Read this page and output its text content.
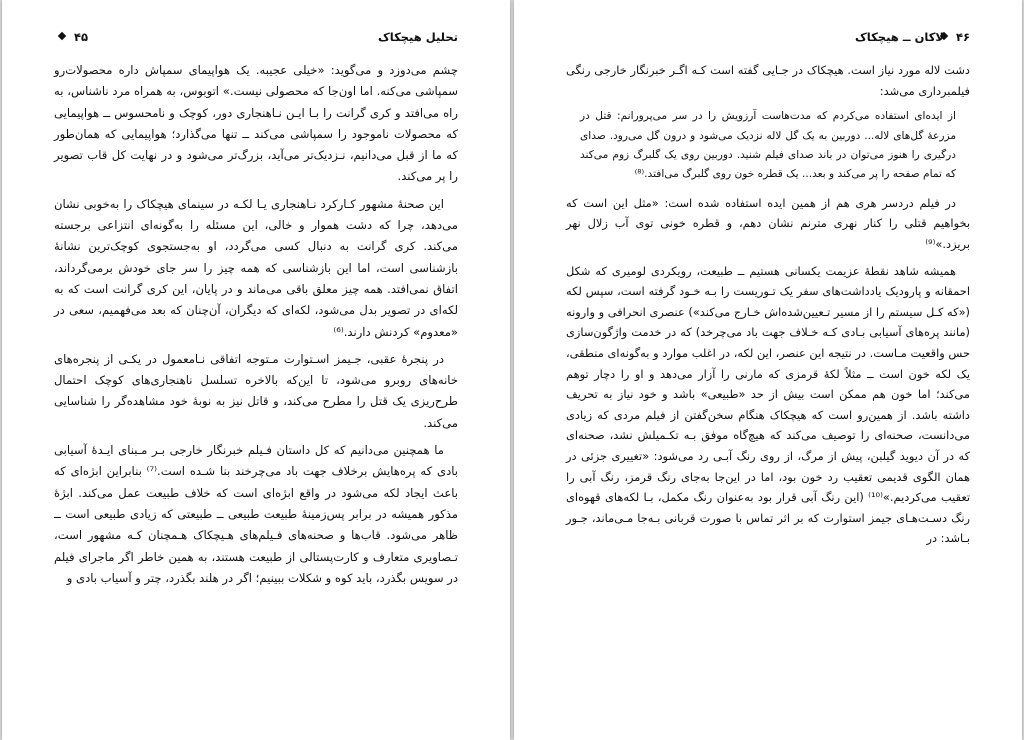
۴۵	تحلیل هیچکاک

چشم می‌دوزد و می‌گوید: «خیلی عجیبه. یک هواپیمای سمپاش داره محصولات‌رو سمپاشی می‌کنه. اما اون‌جا که محصولی نیست.» اتوبوس، به همراه مرد ناشناس، به راه می‌افتد و کری گرانت را بـا ایـن نـاهنجاری دور، کوچک و نامحسوس ــ هواپیمایی که محصولات ناموجود را سمپاشی می‌کند ــ تنها می‌گذارد؛ هواپیمایی که همان‌طور که ما از قبل می‌دانیم، نـزدیک‌تر می‌آید، بزرگ‌تر می‌شود و در نهایت کل قاب تصویر را پر می‌کند.

این صحنهٔ مشهور کـارکرد نـاهنجاری یـا لکـه در سینمای هیچکاک را به‌خوبی نشان می‌دهد، چرا که دشت هموار و خالی، این مسئله را به‌گونه‌ای انتزاعی برجسته می‌کند. کری گرانت به دنبال کسی می‌گردد، او به‌جستجوی کوچک‌ترین نشانهٔ بازشناسی است، اما این بازشناسی که همه چیز را سر جای خودش برمی‌گرداند، اتفاق نمی‌افتد. همه چیز معلق باقی می‌ماند و در پایان، این کری گرانت است که به لکه‌ای در تصویر بدل می‌شود، لکه‌ای که دیگران، آن‌چنان که بعد می‌فهمیم، سعی در «معدوم» کردنش دارند.⁽⁶⁾

در پنجرهٔ عقبی، جـیمز اسـتوارت مـتوجه اتفاقی نـامعمول در یکـی از پنجره‌های خانه‌های روبرو می‌شود، تا این‌که بالاخره تسلسل ناهنجاری‌های کوچک احتمال طرح‌ریزی یک قتل را مطرح می‌کند، و قاتل نیز به نوبهٔ خود مشاهده‌گر را شناسایی می‌کند.

ما همچنین می‌دانیم که کل داستان فـیلم خبرنگار خارجی بـر مـبنای ایـدهٔ آسیابی بادی که پره‌هایش برخلاف جهت باد می‌چرخند بنا شـده است.⁽⁷⁾ بنابراین ابژه‌ای که باعث ایجاد لکه می‌شود در واقع ابژه‌ای است که خلاف طبیعت عمل می‌کند. ابژهٔ مذکور همیشه در برابر پس‌زمینهٔ طبیعت طبیعی ــ طبیعتی که زیادی طبیعی است ــ ظاهر می‌شود. قاب‌ها و صحنه‌های فـیلم‌های هـیچکاک هـمچنان کـه مشهور است، تـصاویری متعارف و کارت‌پستالی از طبیعت هستند، به همین خاطر اگر ماجرای فیلم در سویس بگذرد، باید کوه و شکلات ببینیم؛ اگر در هلند بگذرد، چتر و آسیاب بادی و

۴۶
لاکان ــ هیچکاک

دشت لاله مورد نیاز است. هیچکاک در جـایی گفته است کـه اگـر خبرنگار خارجی رنگی فیلمبرداری می‌شد:

از ایده‌ای استفاده می‌کردم که مدت‌هاست آرزویش را در سر می‌پرورانم: قتل در مزرعهٔ گل‌های لاله... دوربین به یک گل لاله نزدیک می‌شود و درون گل می‌رود. صدای درگیری را هنوز می‌توان در باند صدای فیلم شنید. دوربین روی یک گلبرگ زوم می‌کند که تمام صفحه را پر می‌کند و بعد... یک قطره خون روی گلبرگ می‌افتد.⁽⁸⁾

در فیلم دردسر هری هم از همین ایده استفاده شده است: «مثل این است که بخواهیم قتلی را کنار نهری مترنم نشان دهم، و قطره خونی توی آب زلال نهر بریزد.»⁽⁹⁾

همیشه شاهد نقطهٔ عزیمت یکسانی هستیم ــ طبیعت، رویکردی لومیری که شکل احمقانه و پاروديک یادداشت‌های سفر یک تـوریست را بـه خـود گرفته است، سپس لکه («که کـل سیستم را از مسیر تـعیین‌شده‌اش خـارج می‌کند») عنصری انحرافی و وارونه (مانند پره‌های آسیابی بـادی کـه خـلاف جهت باد می‌چرخد) که در خدمت واژگون‌سازی حس واقعیت مـاست. در نتیجه این عنصر، این لکه، در اغلب موارد و به‌گونه‌ای منطقی، یک لکه خون است ــ مثلاً لکهٔ قرمزی که مارنی را آزار می‌دهد و او را دچار توهم می‌کند؛ اما خون هم ممکن است بیش از حد «طبیعی» باشد و خود نیاز به تحریف داشته باشد. از همین‌رو است که هیچکاک هنگام سخن‌گفتن از فیلم مردی که زیادی می‌دانست، صحنه‌ای را توصیف می‌کند که هیچ‌گاه موفق بـه تکـمیلش نشد، صحنه‌ای که در آن دیوید گیلبن، پیش از مرگ، از روی رنگ آبـی رد می‌شود: «تغییری جزئی در همان الگوی قدیمی تعقیب رد خون بود، اما در این‌جا به‌جای رنگ قرمز، رنگ آبی را تعقیب می‌کردیم.»⁽¹⁰⁾ (این رنگ آبی قرار بود به‌عنوان رنگ مکمل، بـا لکه‌های قهوه‌ای رنگ دسـت‌هـای جیمز استوارت که بر اثر تماس با صورت قربانی بـه‌جا مـی‌ماند، جـور بـاشد: در
